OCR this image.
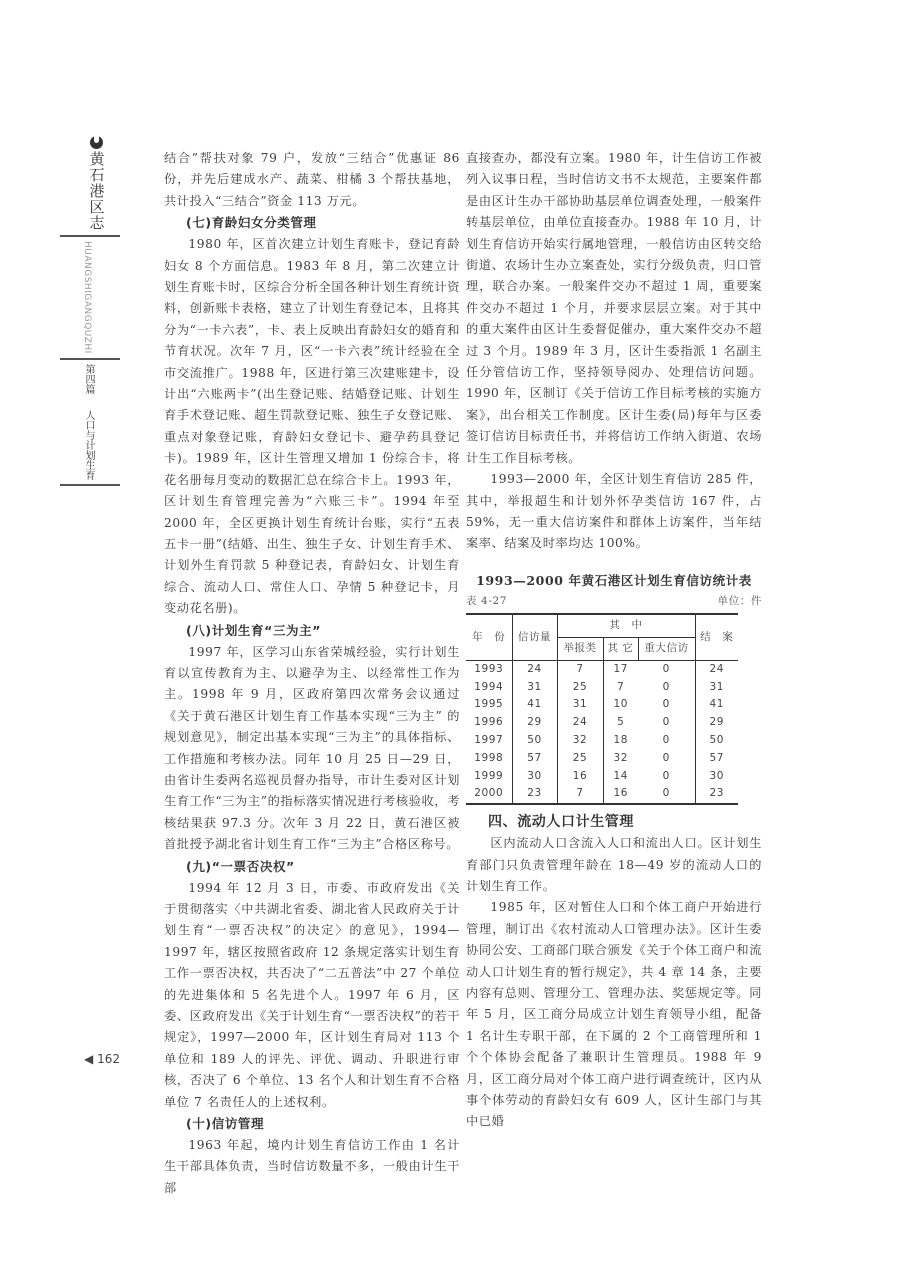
黄石港区志
HUANGSHIGANGQUZHI
第四篇
人口与计划生育
◀ 162

结合”帮扶对象 79 户，发放“三结合”优惠证 86 份，并先后建成水产、蔬菜、柑橘 3 个帮扶基地，共计投入“三结合”资金 113 万元。

(七)育龄妇女分类管理

1980 年，区首次建立计划生育账卡，登记育龄妇女 8 个方面信息。1983 年 8 月，第二次建立计划生育账卡时，区综合分析全国各种计划生育统计资料，创新账卡表格，建立了计划生育登记本，且将其分为“一卡六表”，卡、表上反映出育龄妇女的婚育和节育状况。次年 7 月，区“一卡六表”统计经验在全市交流推广。1988 年，区进行第三次建账建卡，设计出“六账两卡”(出生登记账、结婚登记账、计划生育手术登记账、超生罚款登记账、独生子女登记账、重点对象登记账，育龄妇女登记卡、避孕药具登记卡)。1989 年，区计生管理又增加 1 份综合卡，将花名册每月变动的数据汇总在综合卡上。1993 年，区计划生育管理完善为“六账三卡”。1994 年至 2000 年，全区更换计划生育统计台账，实行“五表五卡一册”(结婚、出生、独生子女、计划生育手术、计划外生育罚款 5 种登记表，育龄妇女、计划生育综合、流动人口、常住人口、孕情 5 种登记卡，月变动花名册)。

(八)计划生育“三为主”

1997 年，区学习山东省荣城经验，实行计划生育以宣传教育为主、以避孕为主、以经常性工作为主。1998 年 9 月，区政府第四次常务会议通过《关于黄石港区计划生育工作基本实现“三为主” 的规划意见》，制定出基本实现“三为主”的具体指标、工作措施和考核办法。同年 10 月 25 日—29 日，由省计生委两名巡视员督办指导，市计生委对区计划生育工作“三为主”的指标落实情况进行考核验收，考核结果获 97.3 分。次年 3 月 22 日，黄石港区被首批授予湖北省计划生育工作“三为主”合格区称号。

(九)“一票否决权”

1994 年 12 月 3 日，市委、市政府发出《关于贯彻落实〈中共湖北省委、湖北省人民政府关于计划生育“一票否决权”的决定〉的意见》，1994—1997 年，辖区按照省政府 12 条规定落实计划生育工作一票否决权，共否决了“二五普法”中 27 个单位的先进集体和 5 名先进个人。1997 年 6 月，区委、区政府发出《关于计划生育“一票否决权”的若干规定》，1997—2000 年，区计划生育局对 113 个单位和 189 人的评先、评优、调动、升职进行审核，否决了 6 个单位、13 名个人和计划生育不合格单位 7 名责任人的上述权利。

(十)信访管理

1963 年起，境内计划生育信访工作由 1 名计生干部具体负责，当时信访数量不多，一般由计生干部

直接查办，都没有立案。1980 年，计生信访工作被列入议事日程，当时信访文书不太规范，主要案件都是由区计生办干部协助基层单位调查处理，一般案件转基层单位，由单位直接查办。1988 年 10 月，计划生育信访开始实行属地管理，一般信访由区转交给街道、农场计生办立案查处，实行分级负责，归口管理，联合办案。一般案件交办不超过 1 周，重要案件交办不超过 1 个月，并要求层层立案。对于其中的重大案件由区计生委督促催办，重大案件交办不超过 3 个月。1989 年 3 月，区计生委指派 1 名副主任分管信访工作，坚持领导阅办、处理信访问题。1990 年，区制订《关于信访工作目标考核的实施方案》，出台相关工作制度。区计生委(局)每年与区委签订信访目标责任书，并将信访工作纳入街道、农场计生工作目标考核。

1993—2000 年，全区计划生育信访 285 件，其中，举报超生和计划外怀孕类信访 167 件，占 59%，无一重大信访案件和群体上访案件，当年结案率、结案及时率均达 100%。

1993—2000 年黄石港区计划生育信访统计表
表 4-27	单位：件
年　份	信访量	其　中			结　案
		举报类	其 它	重大信访	
1993	24	7	17	0	24
1994	31	25	7	0	31
1995	41	31	10	0	41
1996	29	24	5	0	29
1997	50	32	18	0	50
1998	57	25	32	0	57
1999	30	16	14	0	30
2000	23	7	16	0	23
四、流动人口计生管理

区内流动人口含流入人口和流出人口。区计划生育部门只负责管理年龄在 18—49 岁的流动人口的计划生育工作。

1985 年，区对暂住人口和个体工商户开始进行管理，制订出《农村流动人口管理办法》。区计生委协同公安、工商部门联合颁发《关于个体工商户和流动人口计划生育的暂行规定》，共 4 章 14 条，主要内容有总则、管理分工、管理办法、奖惩规定等。同年 5 月，区工商分局成立计划生育领导小组，配备 1 名计生专职干部，在下属的 2 个工商管理所和 1 个个体协会配备了兼职计生管理员。1988 年 9 月，区工商分局对个体工商户进行调查统计，区内从事个体劳动的育龄妇女有 609 人，区计生部门与其中已婚
